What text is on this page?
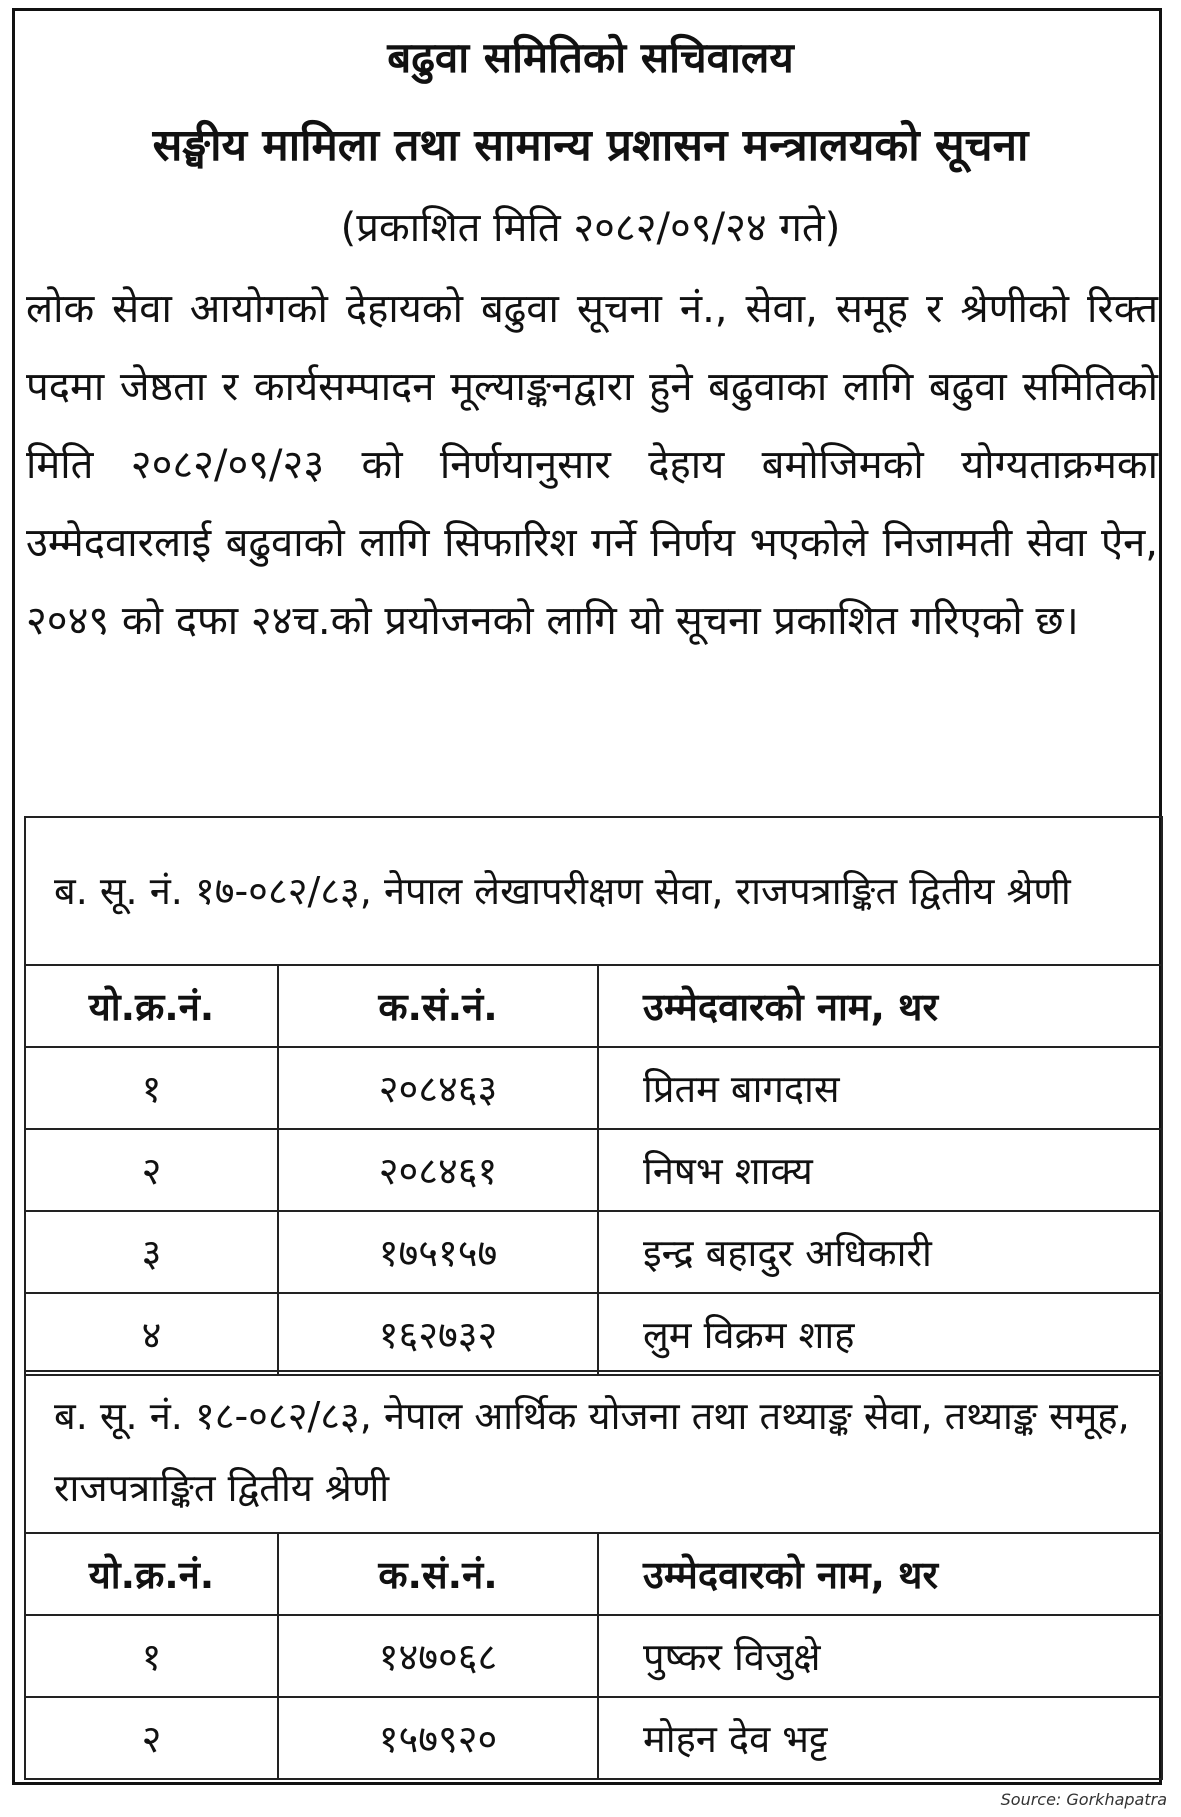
बढुवा समितिको सचिवालय
सङ्घीय मामिला तथा सामान्य प्रशासन मन्त्रालयको सूचना
(प्रकाशित मिति २०८२/०९/२४ गते)
लोक सेवा आयोगको देहायको बढुवा सूचना नं., सेवा, समूह र श्रेणीको रिक्त पदमा जेष्ठता र कार्यसम्पादन मूल्याङ्कनद्वारा हुने बढुवाका लागि बढुवा समितिको मिति २०८२/०९/२३ को निर्णयानुसार देहाय बमोजिमको योग्यताक्रमका उम्मेदवारलाई बढुवाको लागि सिफारिश गर्ने निर्णय भएकोले निजामती सेवा ऐन, २०४९ को दफा २४च.को प्रयोजनको लागि यो सूचना प्रकाशित गरिएको छ।
ब. सू. नं. १७-०८२/८३, नेपाल लेखापरीक्षण सेवा, राजपत्राङ्कित द्वितीय श्रेणी		
यो.क्र.नं.	क.सं.नं.	उम्मेदवारको नाम, थर
१	२०८४६३	प्रितम बागदास
२	२०८४६१	निषभ शाक्य
३	१७५१५७	इन्द्र बहादुर अधिकारी
४	१६२७३२	लुम विक्रम शाह
ब. सू. नं. १८-०८२/८३, नेपाल आर्थिक योजना तथा तथ्याङ्क सेवा, तथ्याङ्क समूह, राजपत्राङ्कित द्वितीय श्रेणी		
यो.क्र.नं.	क.सं.नं.	उम्मेदवारको नाम, थर
१	१४७०६८	पुष्कर विजुक्षे
२	१५७९२०	मोहन देव भट्ट
Source: Gorkhapatra
